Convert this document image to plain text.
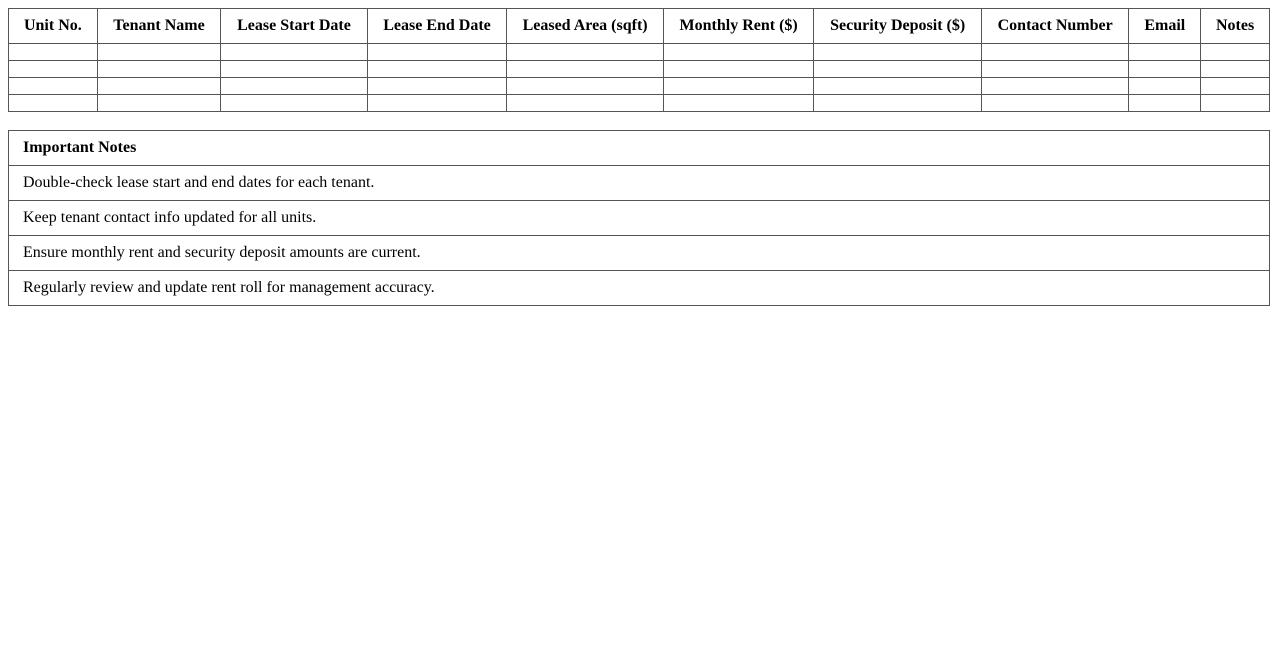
Unit No.	Tenant Name	Lease Start Date	Lease End Date	Leased Area (sqft)	Monthly Rent ($)	Security Deposit ($)	Contact Number	Email	Notes

Important Notes
Double-check lease start and end dates for each tenant.
Keep tenant contact info updated for all units.
Ensure monthly rent and security deposit amounts are current.
Regularly review and update rent roll for management accuracy.
